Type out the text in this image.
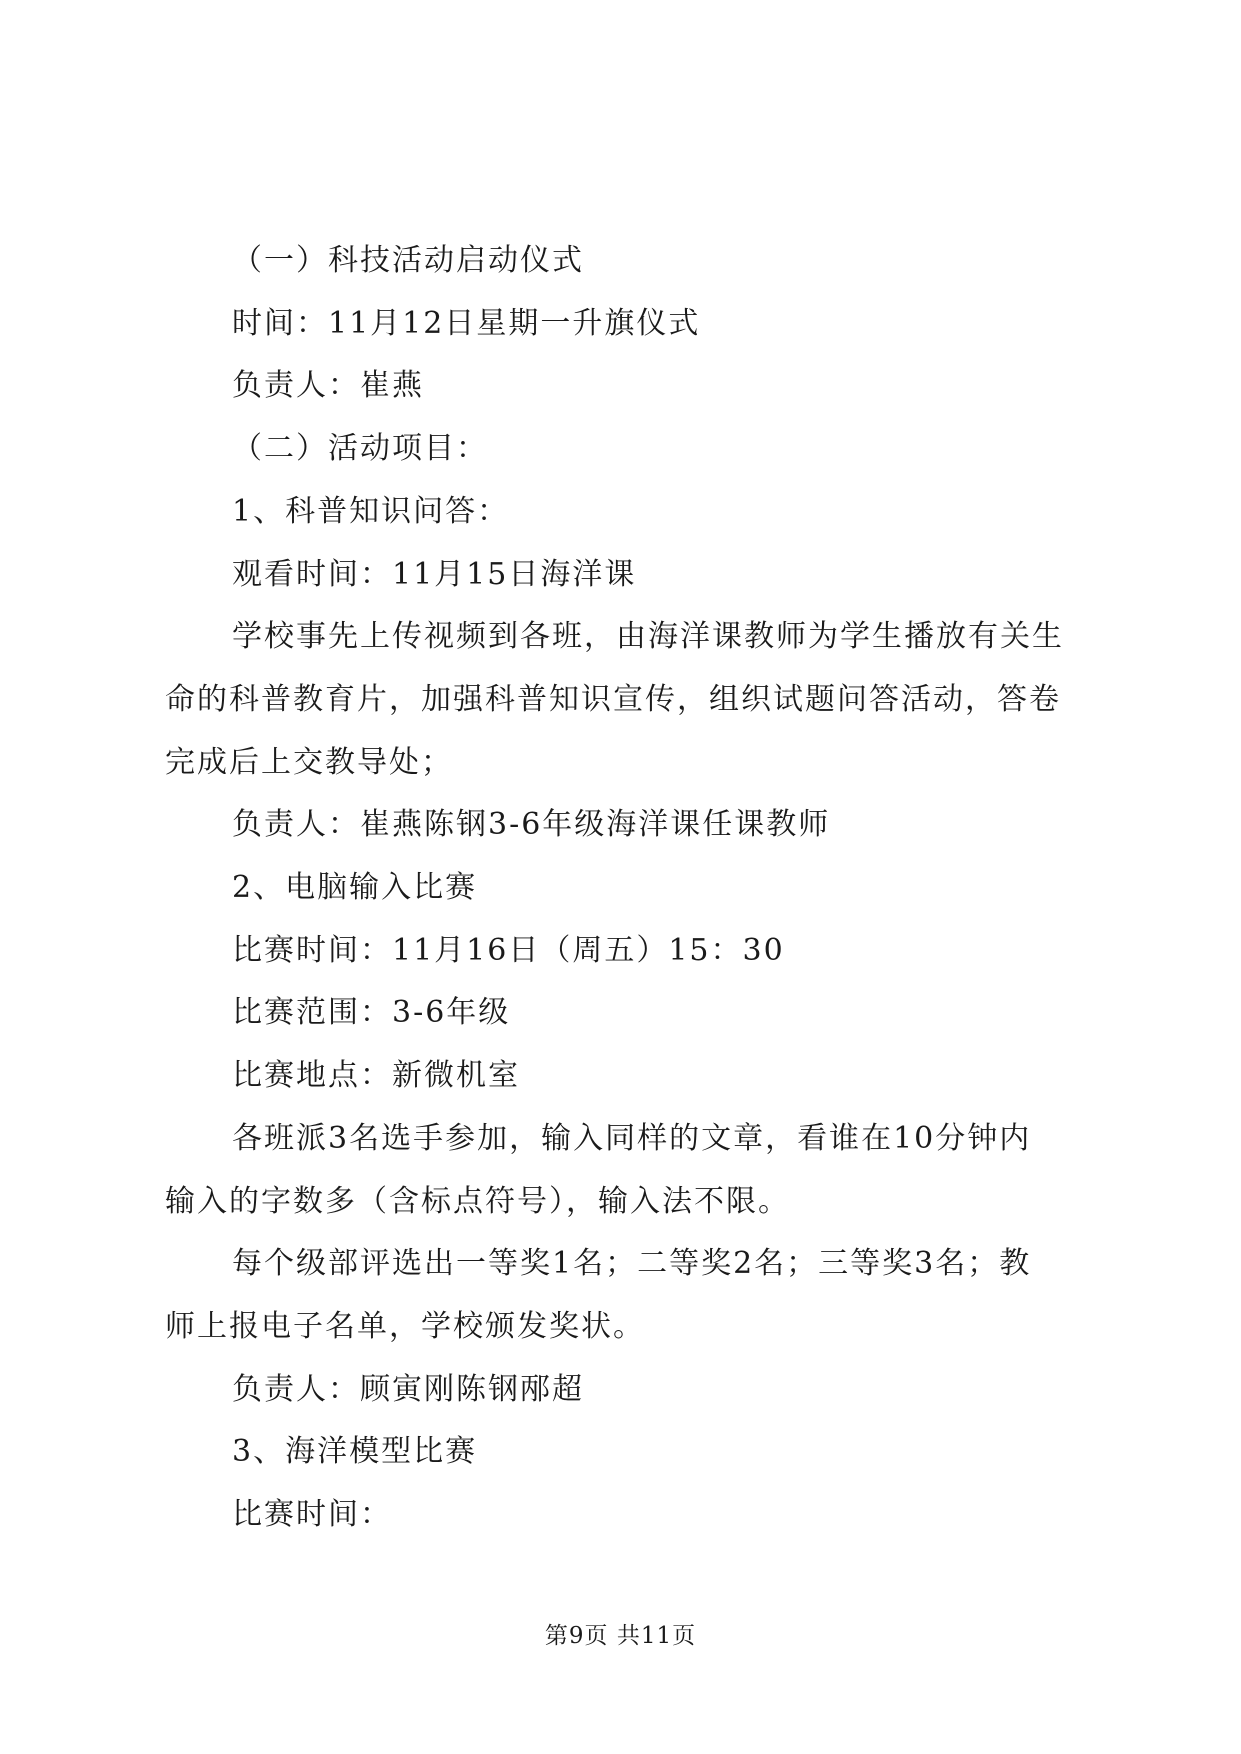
（一）科技活动启动仪式
时间：11月12日星期一升旗仪式
负责人：崔燕
（二）活动项目：
1、科普知识问答：
观看时间：11月15日海洋课
学校事先上传视频到各班，由海洋课教师为学生播放有关生
命的科普教育片，加强科普知识宣传，组织试题问答活动，答卷
完成后上交教导处；
负责人：崔燕陈钢3-6年级海洋课任课教师
2、电脑输入比赛
比赛时间：11月16日（周五）15：30
比赛范围：3-6年级
比赛地点：新微机室
各班派3名选手参加，输入同样的文章，看谁在10分钟内
输入的字数多（含标点符号），输入法不限。
每个级部评选出一等奖1名；二等奖2名；三等奖3名；教
师上报电子名单，学校颁发奖状。
负责人：顾寅刚陈钢邴超
3、海洋模型比赛
比赛时间：
第9页 共11页
